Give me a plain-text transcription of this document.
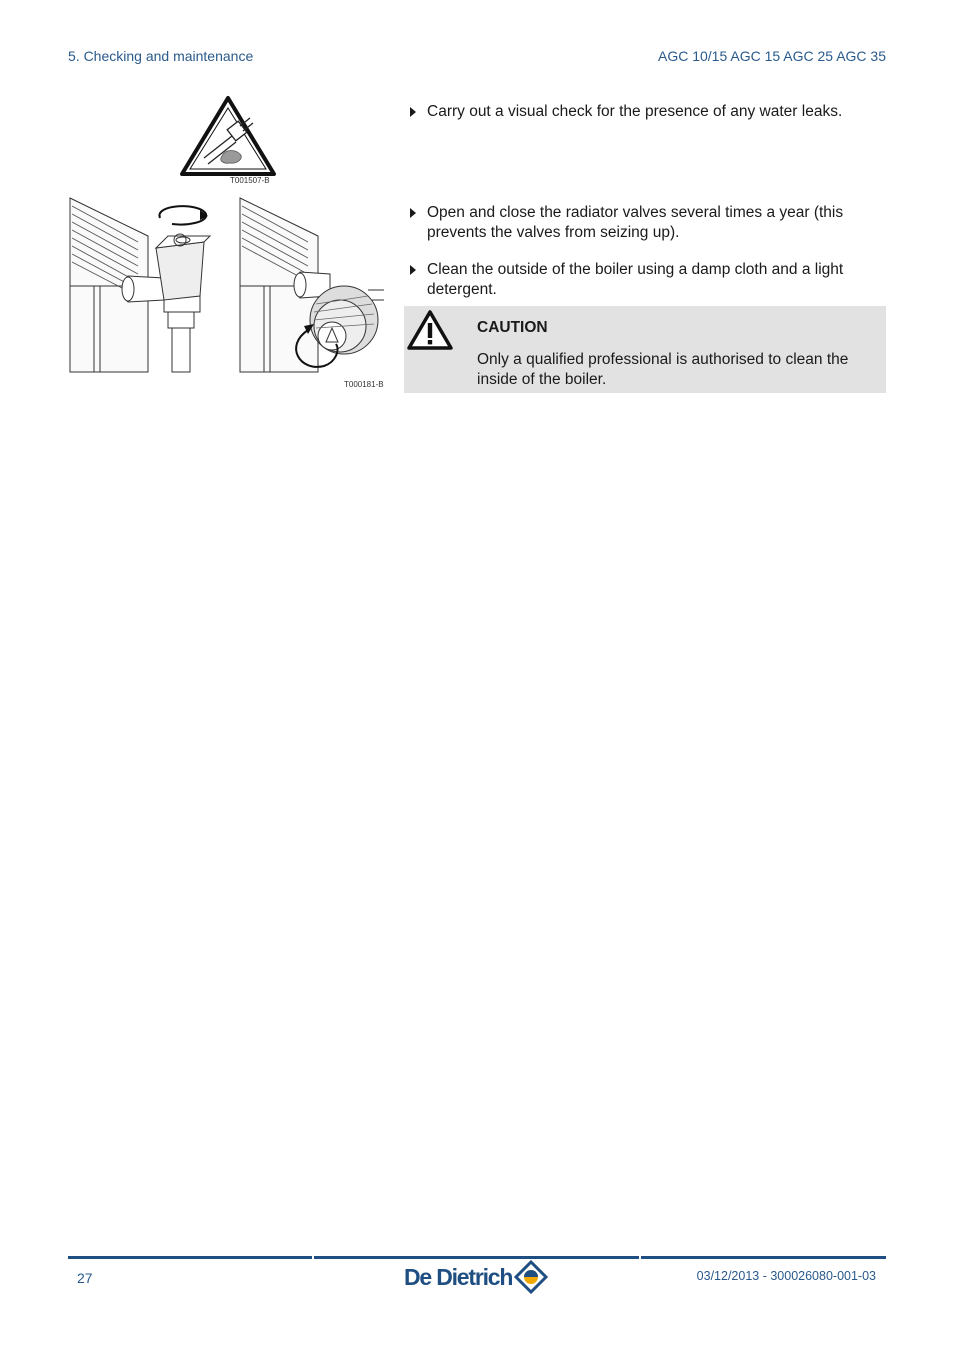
5. Checking and maintenance	AGC 10/15 AGC 15 AGC 25 AGC 35
T001507-B
T000181-B
Carry out a visual check for the presence of any water leaks.
Open and close the radiator valves several times a year (this prevents the valves from seizing up).
Clean the outside of the boiler using a damp cloth and a light detergent.
CAUTION
Only a qualified professional is authorised to clean the inside of the boiler.
27	De Dietrich	03/12/2013 - 300026080-001-03
